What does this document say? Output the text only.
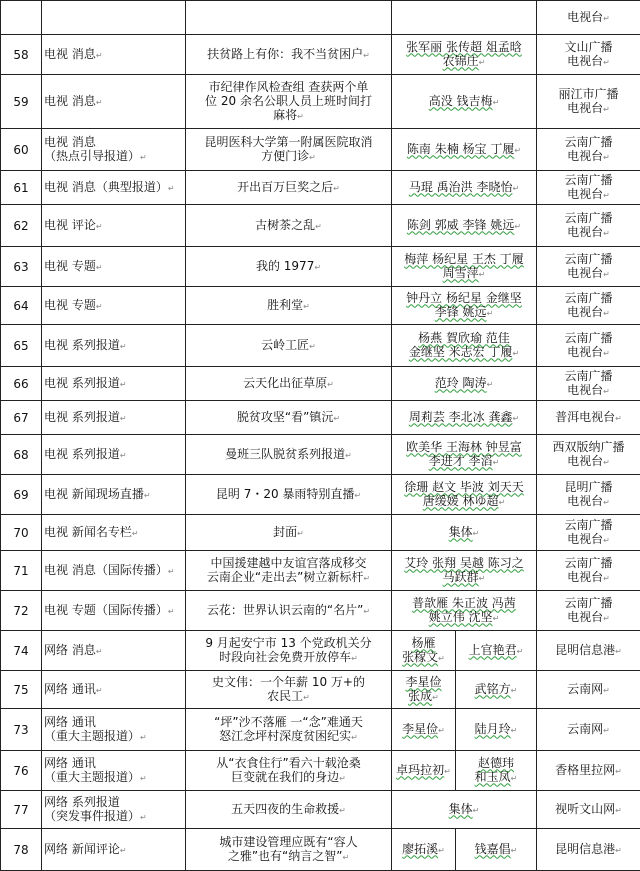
					电视台↵
58	电视 消息↵	扶贫路上有你：我不当贫困户↵	张军丽 张传超 俎孟晗
农锦庄↵		文山广播
电视台↵
59	电视 消息↵	市纪律作风检查组 查获两个单
位 20 余名公职人员上班时间打
麻将↵	高没 钱吉梅↵		丽江市广播
电视台↵
60	电视 消息
（热点引导报道）↵	昆明医科大学第一附属医院取消
方便门诊↵	陈南 朱楠 杨宝 丁履↵		云南广播
电视台↵
61	电视 消息（典型报道）↵	开出百万巨奖之后↵	马琨 禹治洪 李晓怡↵		云南广播
电视台↵
62	电视 评论↵	古树茶之乱↵	陈剑 郭威 李锋 姚远↵		云南广播
电视台↵
63	电视 专题↵	我的 1977↵	梅萍 杨纪星 王杰 丁履
周雪萍↵		云南广播
电视台↵
64	电视 专题↵	胜利堂↵	钟丹立 杨纪星 金继坚
李锋 姚远↵		云南广播
电视台↵
65	电视 系列报道↵	云岭工匠↵	杨燕 賀欣瑜 范佳
金继坚 米志宏 丁履↵		云南广播
电视台↵
66	电视 系列报道↵	云天化出征草原↵	范玲 陶涛↵		云南广播
电视台↵
67	电视 系列报道↵	脱贫攻坚“看”镇沅↵	周莉芸 李北冰 龚鑫↵		普洱电视台↵
68	电视 系列报道↵	曼班三队脱贫系列报道↵	欧美华 王海林 钟昱富
李进才 李滔↵		西双版纳广播
电视台↵
69	电视 新闻现场直播↵	昆明 7・20 暴雨特别直播↵	徐珊 赵文 毕波 刘天天
唐缓媛 林ゆ超↵		昆明广播
电视台↵
70	电视 新闻名专栏↵	封面↵	集体↵		云南广播
电视台↵
71	电视 消息（国际传播）↵	中国援建越中友谊宫落成移交
云南企业“走出去”树立新标杆↵	艾玲 张翔 吴越 陈习之
马跃群↵		云南广播
电视台↵
72	电视 专题（国际传播）↵	云花：世界认识云南的“名片”↵	普歆雁 朱正波 冯茜
姚立伟 沈坚↵		云南广播
电视台↵
74	网络 消息↵	9 月起安宁市 13 个党政机关分
时段向社会免费开放停车↵	杨雁
张稼文↵	上官艳君↵	昆明信息港↵
75	网络 通讯↵	史文伟：一个年薪 10 万+的
农民工↵	李星俭
张成↵	武铭方↵	云南网↵
73	网络 通讯
（重大主题报道）↵	“坪”沙不落雁 一“念”难通天
怒江念坪村深度贫困纪实↵	李星俭↵	陆月玲↵	云南网↵
76	网络 通讯
（重大主题报道）↵	从“衣食住行”看六十载沧桑
巨变就在我们的身边↵	卓玛拉初↵	赵德玮
和玉凤↵	香格里拉网↵
77	网络 系列报道
（突发事件报道）↵	五天四夜的生命救援↵	集体↵		视听文山网↵
78	网络 新闻评论↵	城市建设管理应既有“容人
之雅”也有“纳言之智”↵	廖拓溪↵	钱嘉倡↵	昆明信息港↵
